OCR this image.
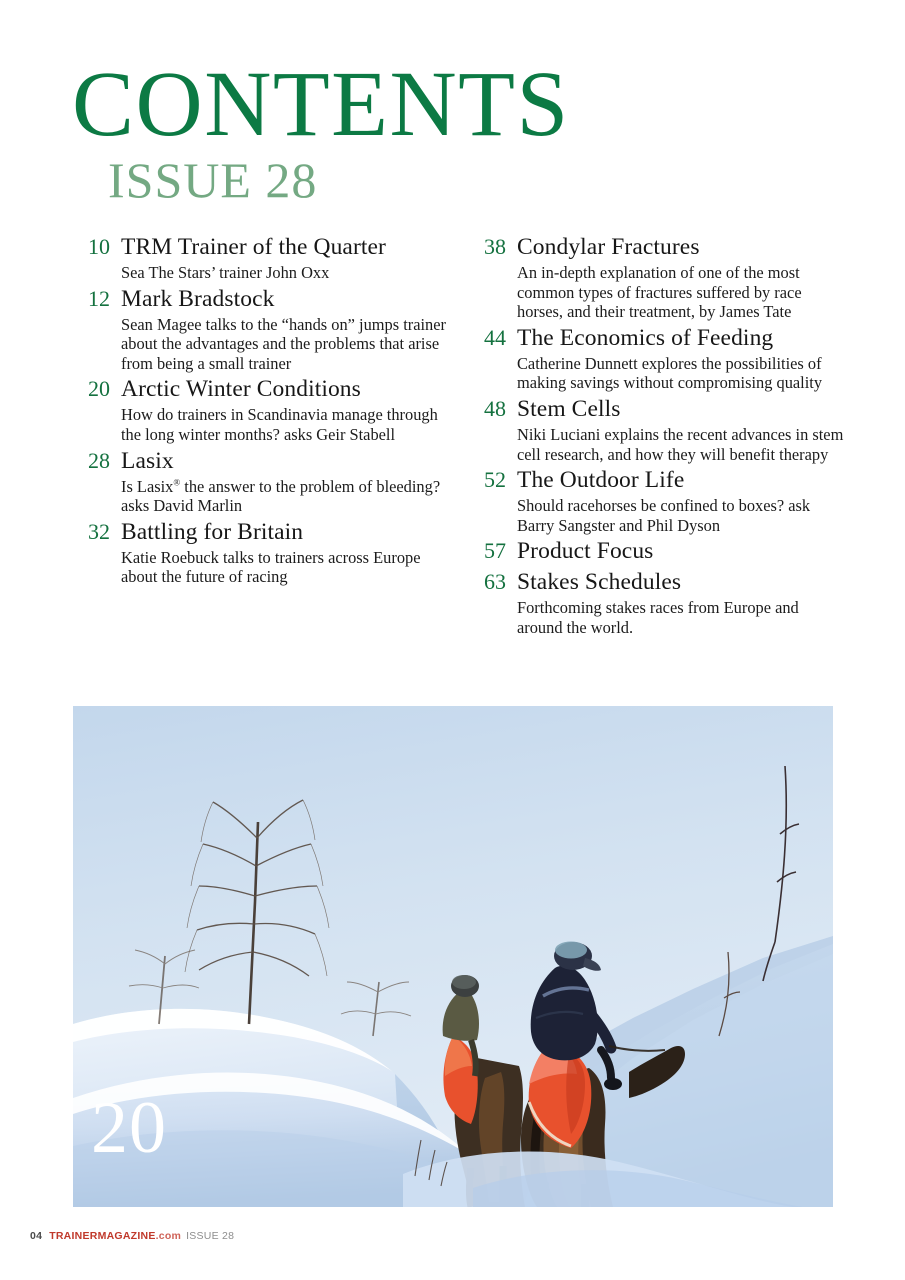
CONTENTS
ISSUE 28
10 TRM Trainer of the Quarter
Sea The Stars’ trainer John Oxx
12 Mark Bradstock
Sean Magee talks to the “hands on” jumps trainer about the advantages and the problems that arise from being a small trainer
20 Arctic Winter Conditions
How do trainers in Scandinavia manage through the long winter months? asks Geir Stabell
28 Lasix
Is Lasix® the answer to the problem of bleeding? asks David Marlin
32 Battling for Britain
Katie Roebuck talks to trainers across Europe about the future of racing
38 Condylar Fractures
An in-depth explanation of one of the most common types of fractures suffered by race horses, and their treatment, by James Tate
44 The Economics of Feeding
Catherine Dunnett explores the possibilities of making savings without compromising quality
48 Stem Cells
Niki Luciani explains the recent advances in stem cell research, and how they will benefit therapy
52 The Outdoor Life
Should racehorses be confined to boxes? ask Barry Sangster and Phil Dyson
57 Product Focus
63 Stakes Schedules
Forthcoming stakes races from Europe and around the world.
20
04 TRAINERMAGAZINE.com ISSUE 28
